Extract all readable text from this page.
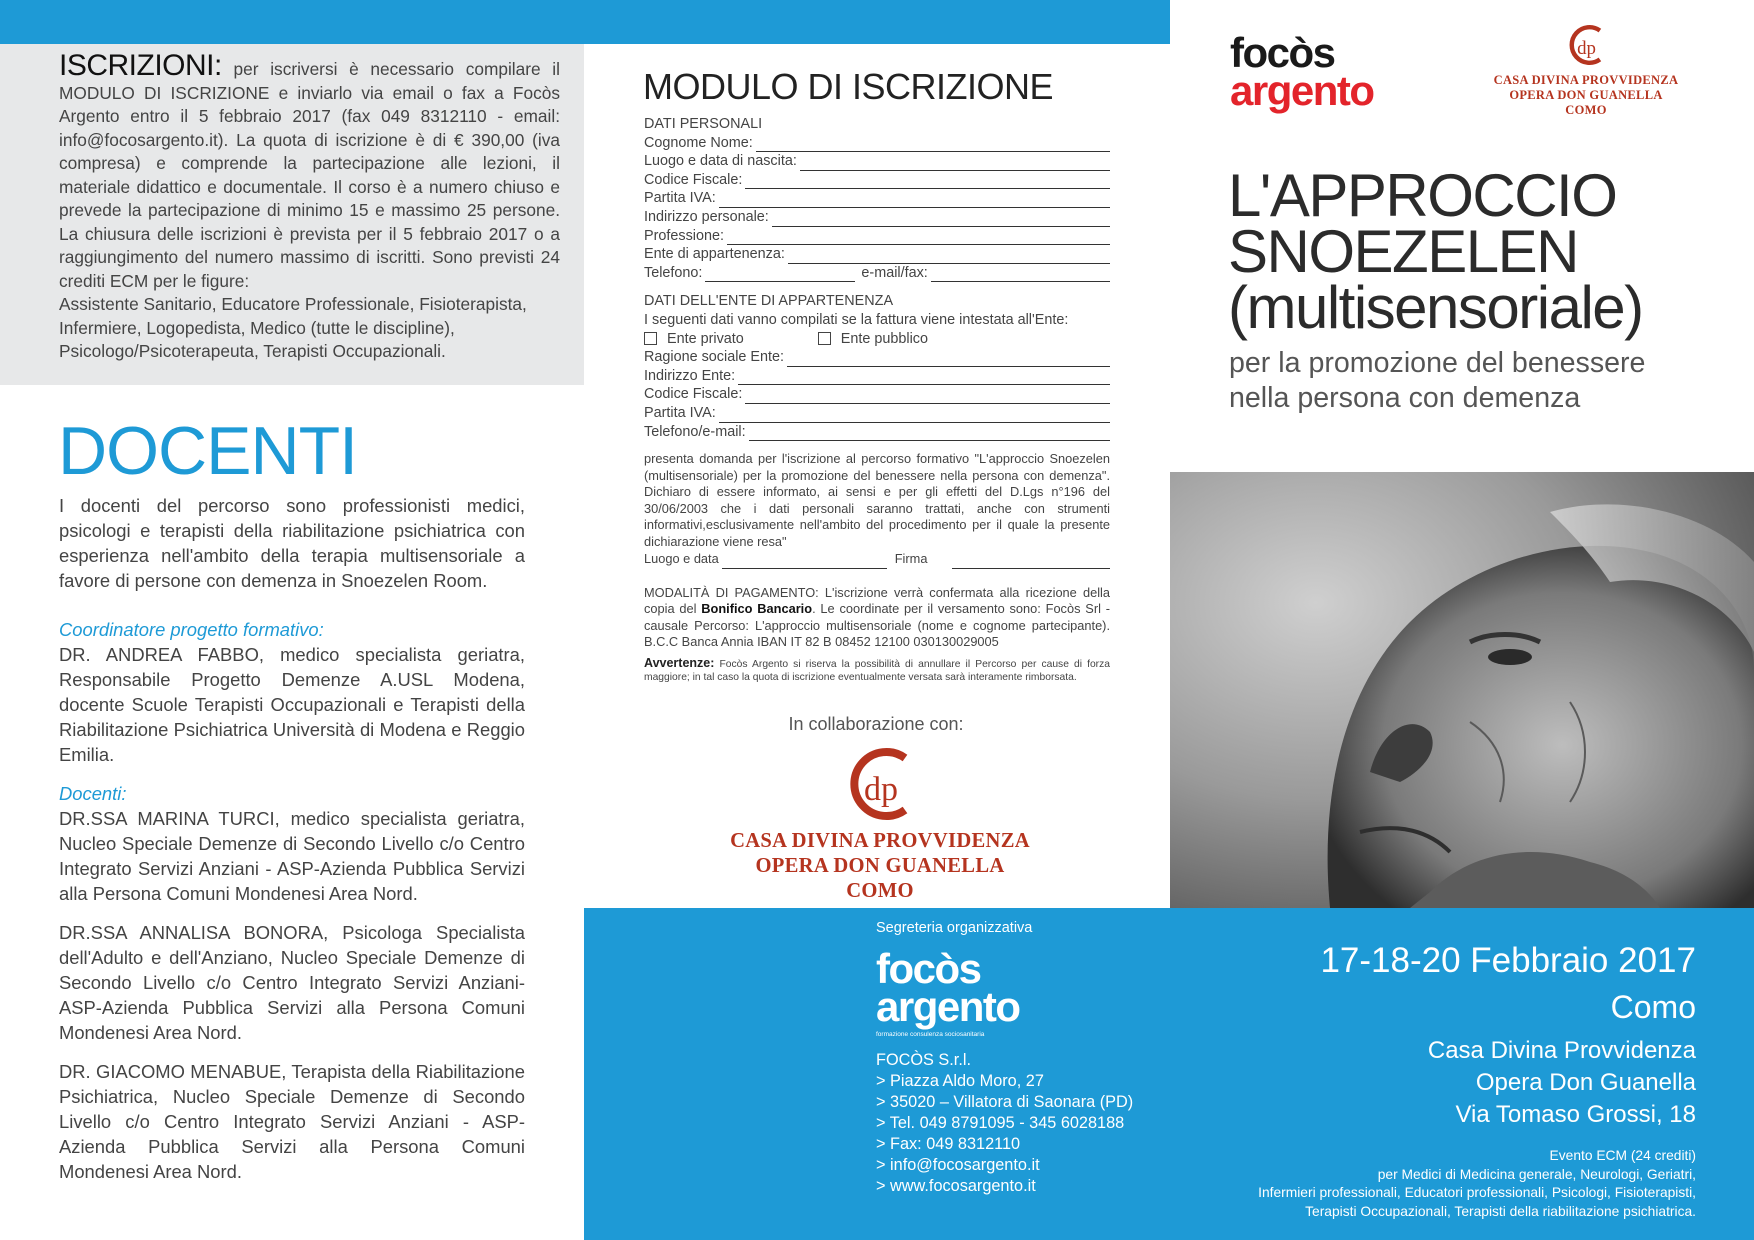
ISCRIZIONI: per iscriversi è necessario compilare il MODULO DI ISCRIZIONE e inviarlo via email o fax a Focòs Argento entro il 5 febbraio 2017 (fax 049 8312110 - email: info@focosargento.it). La quota di iscrizione è di € 390,00 (iva compresa) e comprende la partecipazione alle lezioni, il materiale didattico e documentale. Il corso è a numero chiuso e prevede la partecipazione di minimo 15 e massimo 25 persone. La chiusura delle iscrizioni è prevista per il 5 febbraio 2017 o a raggiungimento del numero massimo di iscritti. Sono previsti 24 crediti ECM per le figure:
Assistente Sanitario, Educatore Professionale, Fisioterapista, Infermiere, Logopedista, Medico (tutte le discipline), Psicologo/Psicoterapeuta, Terapisti Occupazionali.
DOCENTI

I docenti del percorso sono professionisti medici, psicologi e terapisti della riabilitazione psichiatrica con esperienza nell'ambito della terapia multisensoriale a favore di persone con demenza in Snoezelen Room.

Coordinatore progetto formativo:

DR. ANDREA FABBO, medico specialista geriatra, Responsabile Progetto Demenze A.USL Modena, docente Scuole Terapisti Occupazionali e Terapisti della Riabilitazione Psichiatrica Università di Modena e Reggio Emilia.

Docenti:

DR.SSA MARINA TURCI, medico specialista geriatra, Nucleo Speciale Demenze di Secondo Livello c/o Centro Integrato Servizi Anziani - ASP-Azienda Pubblica Servizi alla Persona Comuni Mondenesi Area Nord.

DR.SSA ANNALISA BONORA, Psicologa Specialista dell'Adulto e dell'Anziano, Nucleo Speciale Demenze di Secondo Livello c/o Centro Integrato Servizi Anziani- ASP-Azienda Pubblica Servizi alla Persona Comuni Mondenesi Area Nord.

DR. GIACOMO MENABUE, Terapista della Riabilitazione Psichiatrica, Nucleo Speciale Demenze di Secondo Livello c/o Centro Integrato Servizi Anziani - ASP-Azienda Pubblica Servizi alla Persona Comuni Mondenesi Area Nord.

MODULO DI ISCRIZIONE
DATI PERSONALI
Cognome Nome:
Luogo e data di nascita:
Codice Fiscale:
Partita IVA:
Indirizzo personale:
Professione:
Ente di appartenenza:
Telefono:	e-mail/fax:
DATI DELL'ENTE DI APPARTENENZA
I seguenti dati vanno compilati se la fattura viene intestata all'Ente:
Ente privato	Ente pubblico
Ragione sociale Ente:
Indirizzo Ente:
Codice Fiscale:
Partita IVA:
Telefono/e-mail:
presenta domanda per l'iscrizione al percorso formativo "L'approccio Snoezelen (multisensoriale) per la promozione del benessere nella persona con demenza". Dichiaro di essere informato, ai sensi e per gli effetti del D.Lgs n°196 del 30/06/2003 che i dati personali saranno trattati, anche con strumenti informativi,esclusivamente nell'ambito del procedimento per il quale la presente dichiarazione viene resa"
Luogo e data	Firma
MODALITÀ DI PAGAMENTO: L'iscrizione verrà confermata alla ricezione della copia del Bonifico Bancario. Le coordinate per il versamento sono: Focòs Srl - causale Percorso: L'approccio multisensoriale (nome e cognome partecipante). B.C.C Banca Annia IBAN IT 82 B 08452 12100 030130029005
Avvertenze: Focòs Argento si riserva la possibilità di annullare il Percorso per cause di forza maggiore; in tal caso la quota di iscrizione eventualmente versata sarà interamente rimborsata.
In collaborazione con:
dp
CASA DIVINA PROVVIDENZA
OPERA DON GUANELLA
COMO
focòs
argento
dp
CASA DIVINA PROVVIDENZA
OPERA DON GUANELLA
COMO
L'APPROCCIO
SNOEZELEN
(multisensoriale)
per la promozione del benessere
nella persona con demenza
Segreteria organizzativa
focòs
argento
formazione consulenza sociosanitaria
FOCÒS S.r.l.
> Piazza Aldo Moro, 27
> 35020 – Villatora di Saonara (PD)
> Tel. 049 8791095 - 345 6028188
> Fax: 049 8312110
> info@focosargento.it
> www.focosargento.it
17-18-20 Febbraio 2017
Como
Casa Divina Provvidenza
Opera Don Guanella
Via Tomaso Grossi, 18
Evento ECM (24 crediti)
per Medici di Medicina generale, Neurologi, Geriatri,
Infermieri professionali, Educatori professionali, Psicologi, Fisioterapisti,
Terapisti Occupazionali, Terapisti della riabilitazione psichiatrica.
